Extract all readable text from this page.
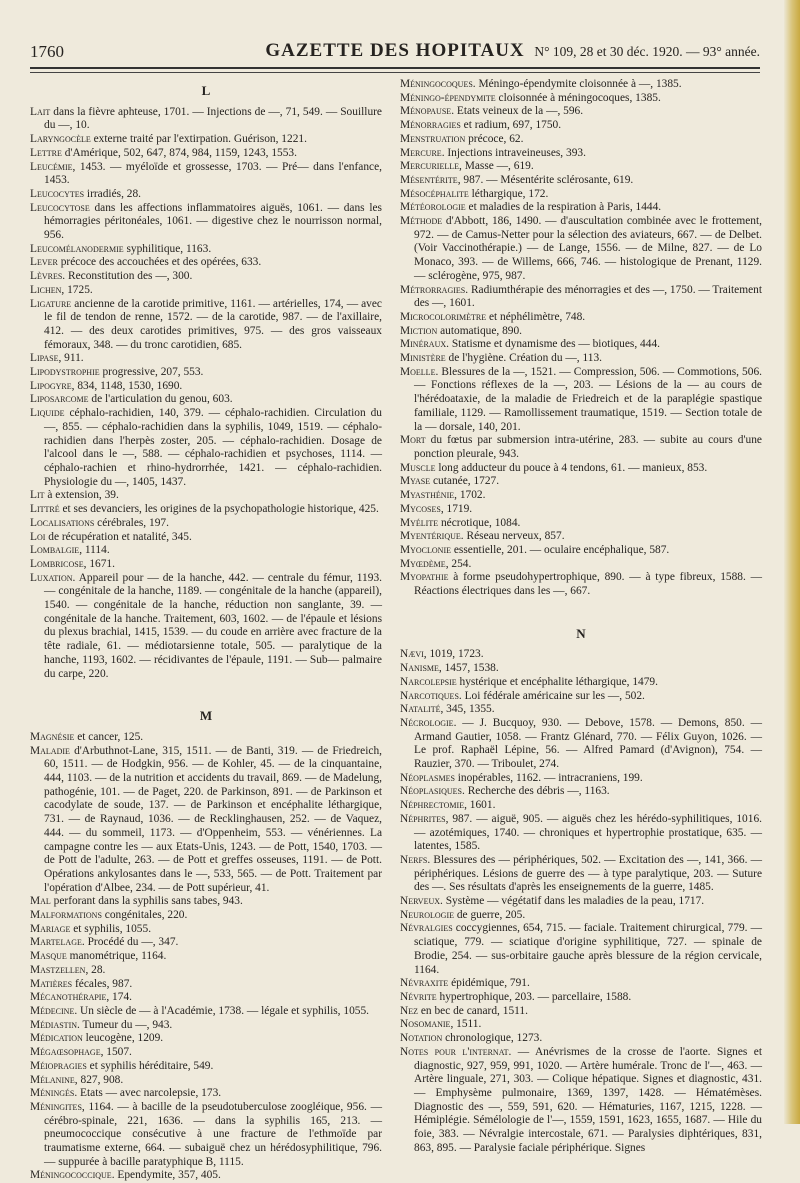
1760	GAZETTE DES HOPITAUX N° 109, 28 et 30 déc. 1920. — 93° année.
L

Lait dans la fièvre aphteuse, 1701. — Injections de —, 71, 549. — Souillure du —, 10.

Laryngocèle externe traité par l'extirpation. Guérison, 1221.

Lettre d'Amérique, 502, 647, 874, 984, 1159, 1243, 1553.

Leucémie, 1453. — myéloïde et grossesse, 1703. — Pré— dans l'enfance, 1453.

Leucocytes irradiés, 28.

Leucocytose dans les affections inflammatoires aiguës, 1061. — dans les hémorragies péritonéales, 1061. — digestive chez le nourrisson normal, 956.

Leucomélanodermie syphilitique, 1163.

Lever précoce des accouchées et des opérées, 633.

Lèvres. Reconstitution des —, 300.

Lichen, 1725.

Ligature ancienne de la carotide primitive, 1161. — artérielles, 174, — avec le fil de tendon de renne, 1572. — de la carotide, 987. — de l'axillaire, 412. — des deux carotides primitives, 975. — des gros vaisseaux fémoraux, 348. — du tronc carotidien, 685.

Lipase, 911.

Lipodystrophie progressive, 207, 553.

Lipogyre, 834, 1148, 1530, 1690.

Liposarcome de l'articulation du genou, 603.

Liquide céphalo-rachidien, 140, 379. — céphalo-rachidien. Circulation du —, 855. — céphalo-rachidien dans la syphilis, 1049, 1519. — céphalo-rachidien dans l'herpès zoster, 205. — céphalo-rachidien. Dosage de l'alcool dans le —, 588. — céphalo-rachidien et psychoses, 1114. — céphalo-rachien et rhino-hydrorrhée, 1421. — céphalo-rachidien. Physiologie du —, 1405, 1437.

Lit à extension, 39.

Littré et ses devanciers, les origines de la psychopathologie historique, 425.

Localisations cérébrales, 197.

Loi de récupération et natalité, 345.

Lombalgie, 1114.

Lombricose, 1671.

Luxation. Appareil pour — de la hanche, 442. — centrale du fémur, 1193. — congénitale de la hanche, 1189. — congénitale de la hanche (appareil), 1540. — congénitale de la hanche, réduction non sanglante, 39. — congénitale de la hanche. Traitement, 603, 1602. — de l'épaule et lésions du plexus brachial, 1415, 1539. — du coude en arrière avec fracture de la tête radiale, 61. — médiotarsienne totale, 505. — paralytique de la hanche, 1193, 1602. — récidivantes de l'épaule, 1191. — Sub— palmaire du carpe, 220.

M

Magnésie et cancer, 125.

Maladie d'Arbuthnot-Lane, 315, 1511. — de Banti, 319. — de Friedreich, 60, 1511. — de Hodgkin, 956. — de Kohler, 45. — de la cinquantaine, 444, 1103. — de la nutrition et accidents du travail, 869. — de Madelung, pathogénie, 101. — de Paget, 220. de Parkinson, 891. — de Parkinson et cacodylate de soude, 137. — de Parkinson et encéphalite léthargique, 731. — de Raynaud, 1036. — de Recklinghausen, 252. — de Vaquez, 444. — du sommeil, 1173. — d'Oppenheim, 553. — vénériennes. La campagne contre les — aux Etats-Unis, 1243. — de Pott, 1540, 1703. — de Pott de l'adulte, 263. — de Pott et greffes osseuses, 1191. — de Pott. Opérations ankylosantes dans le —, 533, 565. — de Pott. Traitement par l'opération d'Albee, 234. — de Pott supérieur, 41.

Mal perforant dans la syphilis sans tabes, 943.

Malformations congénitales, 220.

Mariage et syphilis, 1055.

Martelage. Procédé du —, 347.

Masque manométrique, 1164.

Mastzellen, 28.

Matières fécales, 987.

Mécanothérapie, 174.

Médecine. Un siècle de — à l'Académie, 1738. — légale et syphilis, 1055.

Médiastin. Tumeur du —, 943.

Médication leucogène, 1209.

Mégaœsophage, 1507.

Méiopragies et syphilis héréditaire, 549.

Mélanine, 827, 908.

Méningés. Etats — avec narcolepsie, 173.

Méningites, 1164. — à bacille de la pseudotuberculose zoogléique, 956. — cérébro-spinale, 221, 1636. — dans la syphilis 165, 213. — pneumococcique consécutive à une fracture de l'ethmoïde par traumatisme externe, 664. — subaiguë chez un hérédosyphilitique, 796. — suppurée à bacille paratyphique B, 1115.

Méningococcique. Ependymite, 357, 405.

Méningocoques. Méningo-épendymite cloisonnée à —, 1385.

Méningo-épendymite cloisonnée à méningocoques, 1385.

Ménopause. Etats veineux de la —, 596.

Ménorragies et radium, 697, 1750.

Menstruation précoce, 62.

Mercure. Injections intraveineuses, 393.

Mercurielle, Masse —, 619.

Mésentérite, 987. — Mésentérite sclérosante, 619.

Mésocéphalite léthargique, 172.

Météorologie et maladies de la respiration à Paris, 1444.

Méthode d'Abbott, 186, 1490. — d'auscultation combinée avec le frottement, 972. — de Camus-Netter pour la sélection des aviateurs, 667. — de Delbet. (Voir Vaccinothérapie.) — de Lange, 1556. — de Milne, 827. — de Lo Monaco, 393. — de Willems, 666, 746. — histologique de Prenant, 1129. — sclérogène, 975, 987.

Métrorragies. Radiumthérapie des ménorragies et des —, 1750. — Traitement des —, 1601.

Microcolorimètre et néphélimètre, 748.

Miction automatique, 890.

Minéraux. Statisme et dynamisme des — biotiques, 444.

Ministère de l'hygiène. Création du —, 113.

Moelle. Blessures de la —, 1521. — Compression, 506. — Commotions, 506. — Fonctions réflexes de la —, 203. — Lésions de la — au cours de l'hérédoataxie, de la maladie de Friedreich et de la paraplégie spastique familiale, 1129. — Ramollissement traumatique, 1519. — Section totale de la — dorsale, 140, 201.

Mort du fœtus par submersion intra-utérine, 283. — subite au cours d'une ponction pleurale, 943.

Muscle long adducteur du pouce à 4 tendons, 61. — manieux, 853.

Myase cutanée, 1727.

Myasthénie, 1702.

Mycoses, 1719.

Myélite nécrotique, 1084.

Myentérique. Réseau nerveux, 857.

Myoclonie essentielle, 201. — oculaire encéphalique, 587.

Myœdème, 254.

Myopathie à forme pseudohypertrophique, 890. — à type fibreux, 1588. — Réactions électriques dans les —, 667.

N

Nævi, 1019, 1723.

Nanisme, 1457, 1538.

Narcolepsie hystérique et encéphalite léthargique, 1479.

Narcotiques. Loi fédérale américaine sur les —, 502.

Natalité, 345, 1355.

Nécrologie. — J. Bucquoy, 930. — Debove, 1578. — Demons, 850. — Armand Gautier, 1058. — Frantz Glénard, 770. — Félix Guyon, 1026. — Le prof. Raphaël Lépine, 56. — Alfred Pamard (d'Avignon), 754. — Rauzier, 370. — Triboulet, 274.

Néoplasmes inopérables, 1162. — intracraniens, 199.

Néoplasiques. Recherche des débris —, 1163.

Néphrectomie, 1601.

Néphrites, 987. — aiguë, 905. — aiguës chez les hérédo-syphilitiques, 1016. — azotémiques, 1740. — chroniques et hypertrophie prostatique, 635. — latentes, 1585.

Nerfs. Blessures des — périphériques, 502. — Excitation des —, 141, 366. — périphériques. Lésions de guerre des — à type paralytique, 203. — Suture des —. Ses résultats d'après les enseignements de la guerre, 1485.

Nerveux. Système — végétatif dans les maladies de la peau, 1717.

Neurologie de guerre, 205.

Névralgies coccygiennes, 654, 715. — faciale. Traitement chirurgical, 779. — sciatique, 779. — sciatique d'origine syphilitique, 727. — spinale de Brodie, 254. — sus-orbitaire gauche après blessure de la région cervicale, 1164.

Névraxite épidémique, 791.

Névrite hypertrophique, 203. — parcellaire, 1588.

Nez en bec de canard, 1511.

Nosomanie, 1511.

Notation chronologique, 1273.

Notes pour l'internat. — Anévrismes de la crosse de l'aorte. Signes et diagnostic, 927, 959, 991, 1020. — Artère humérale. Tronc de l'—, 463. — Artère linguale, 271, 303. — Colique hépatique. Signes et diagnostic, 431. — Emphysème pulmonaire, 1369, 1397, 1428. — Hématémèses. Diagnostic des —, 559, 591, 620. — Hématuries, 1167, 1215, 1228. — Hémiplégie. Sémélologie de l'—, 1559, 1591, 1623, 1655, 1687. — Hile du foie, 383. — Névralgie intercostale, 671. — Paralysies diphtériques, 831, 863, 895. — Paralysie faciale périphérique. Signes
